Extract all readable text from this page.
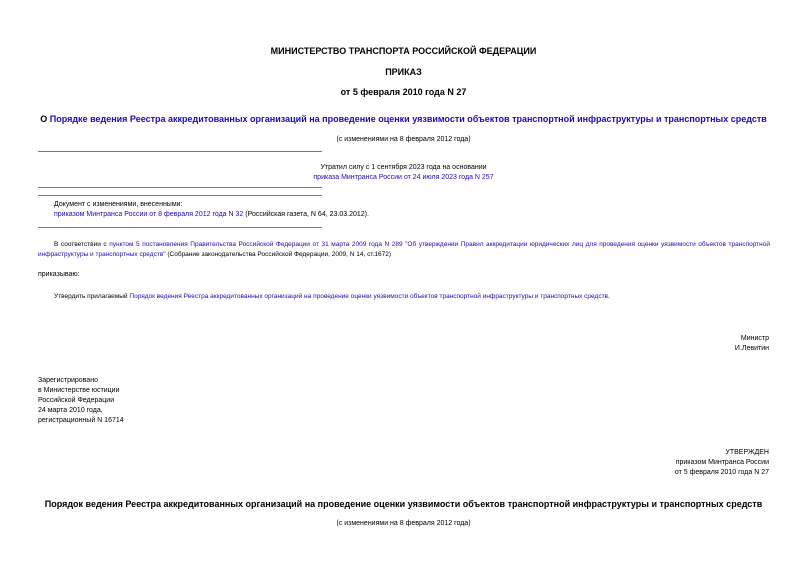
МИНИСТЕРСТВО ТРАНСПОРТА РОССИЙСКОЙ ФЕДЕРАЦИИ
ПРИКАЗ
от 5 февраля 2010 года N 27
О Порядке ведения Реестра аккредитованных организаций на проведение оценки уязвимости объектов транспортной инфраструктуры и транспортных средств
(с изменениями на 8 февраля 2012 года)
Утратил силу с 1 сентября 2023 года на основании
приказа Минтранса России от 24 июля 2023 года N 257
Документ с изменениями, внесенными:
приказом Минтранса России от 8 февраля 2012 года N 32 (Российская газета, N 64, 23.03.2012).
В соответствии с пунктом 5 постановления Правительства Российской Федерации от 31 марта 2009 года N 289 "Об утверждении Правил аккредитации юридических лиц для проведения оценки уязвимости объектов транспортной инфраструктуры и транспортных средств" (Собрание законодательства Российской Федерации, 2009, N 14, ст.1672)
приказываю:
Утвердить прилагаемый Порядок ведения Реестра аккредитованных организаций на проведение оценки уязвимости объектов транспортной инфраструктуры и транспортных средств.
Министр
И.Левитин
Зарегистрировано
в Министерстве юстиции
Российской Федерации
24 марта 2010 года,
регистрационный N 16714
УТВЕРЖДЕН
приказом Минтранса России
от 5 февраля 2010 года N 27
Порядок ведения Реестра аккредитованных организаций на проведение оценки уязвимости объектов транспортной инфраструктуры и транспортных средств
(с изменениями на 8 февраля 2012 года)
